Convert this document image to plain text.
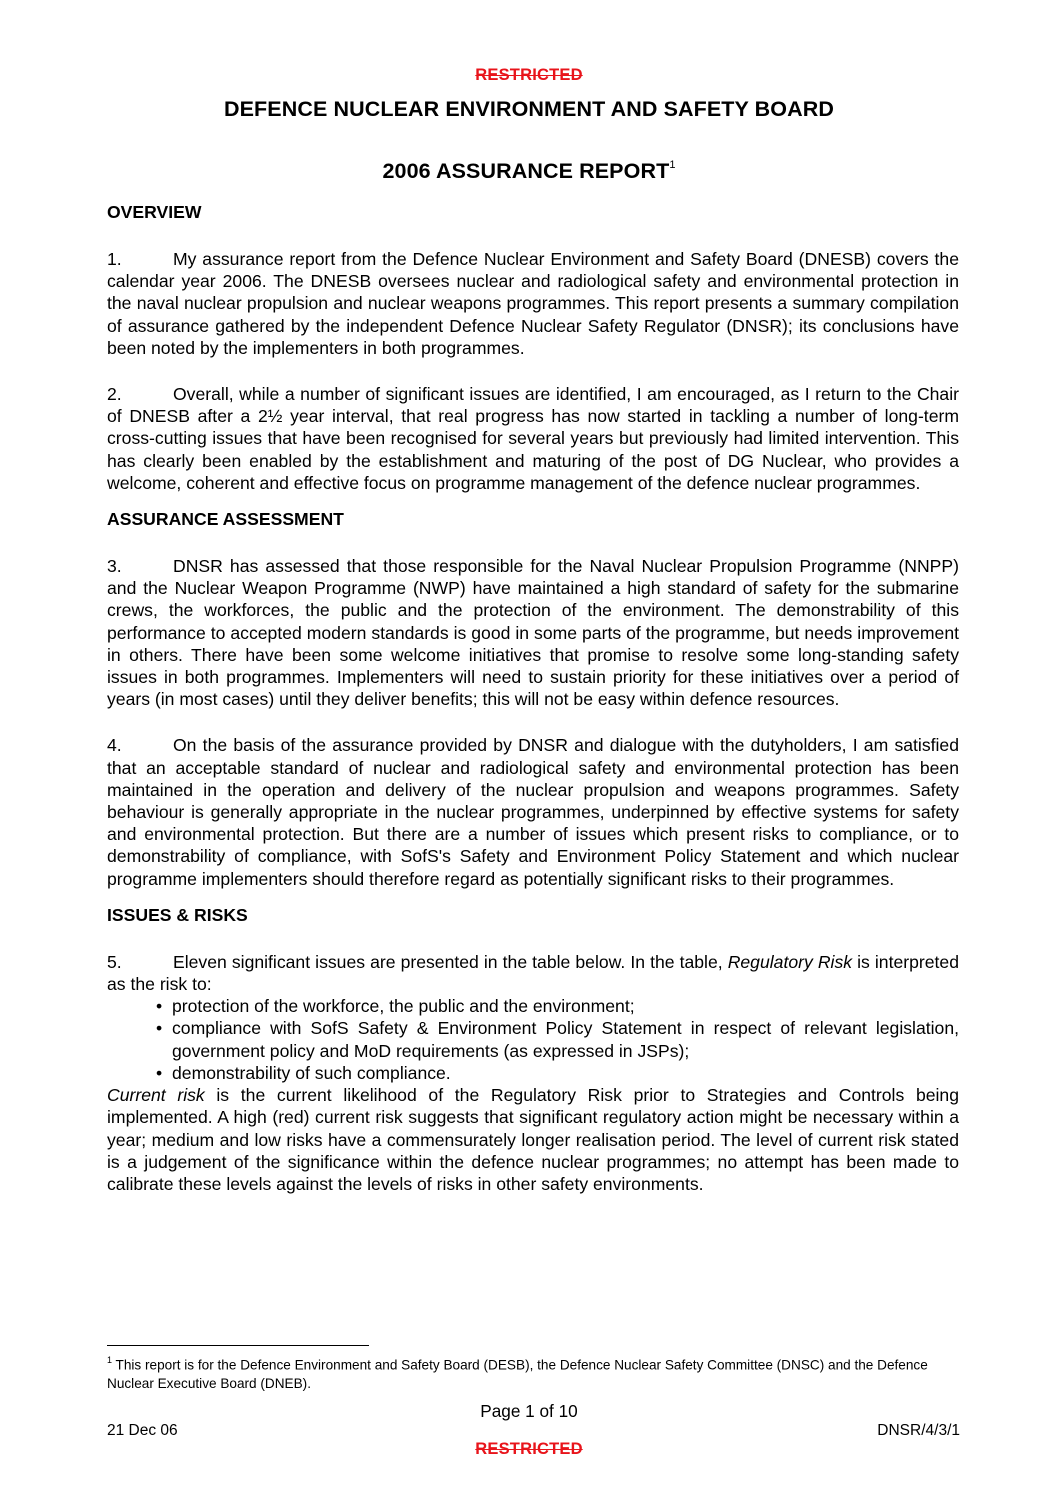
RESTRICTED
DEFENCE NUCLEAR ENVIRONMENT AND SAFETY BOARD
2006 ASSURANCE REPORT$^1$
OVERVIEW

1.	My assurance report from the Defence Nuclear Environment and Safety Board (DNESB) covers the calendar year 2006. The DNESB oversees nuclear and radiological safety and environmental protection in the naval nuclear propulsion and nuclear weapons programmes. This report presents a summary compilation of assurance gathered by the independent Defence Nuclear Safety Regulator (DNSR); its conclusions have been noted by the implementers in both programmes.

2.	Overall, while a number of significant issues are identified, I am encouraged, as I return to the Chair of DNESB after a 2½ year interval, that real progress has now started in tackling a number of long-term cross-cutting issues that have been recognised for several years but previously had limited intervention. This has clearly been enabled by the establishment and maturing of the post of DG Nuclear, who provides a welcome, coherent and effective focus on programme management of the defence nuclear programmes.

ASSURANCE ASSESSMENT

3.	DNSR has assessed that those responsible for the Naval Nuclear Propulsion Programme (NNPP) and the Nuclear Weapon Programme (NWP) have maintained a high standard of safety for the submarine crews, the workforces, the public and the protection of the environment. The demonstrability of this performance to accepted modern standards is good in some parts of the programme, but needs improvement in others. There have been some welcome initiatives that promise to resolve some long-standing safety issues in both programmes. Implementers will need to sustain priority for these initiatives over a period of years (in most cases) until they deliver benefits; this will not be easy within defence resources.

4.	On the basis of the assurance provided by DNSR and dialogue with the dutyholders, I am satisfied that an acceptable standard of nuclear and radiological safety and environmental protection has been maintained in the operation and delivery of the nuclear propulsion and weapons programmes. Safety behaviour is generally appropriate in the nuclear programmes, underpinned by effective systems for safety and environmental protection. But there are a number of issues which present risks to compliance, or to demonstrability of compliance, with SofS's Safety and Environment Policy Statement and which nuclear programme implementers should therefore regard as potentially significant risks to their programmes.

ISSUES & RISKS

5.	Eleven significant issues are presented in the table below. In the table, Regulatory Risk is interpreted as the risk to:

• protection of the workforce, the public and the environment;
• compliance with SofS Safety & Environment Policy Statement in respect of relevant legislation, government policy and MoD requirements (as expressed in JSPs);
• demonstrability of such compliance.

Current risk is the current likelihood of the Regulatory Risk prior to Strategies and Controls being implemented. A high (red) current risk suggests that significant regulatory action might be necessary within a year; medium and low risks have a commensurately longer realisation period. The level of current risk stated is a judgement of the significance within the defence nuclear programmes; no attempt has been made to calibrate these levels against the levels of risks in other safety environments.

$^1$ This report is for the Defence Environment and Safety Board (DESB), the Defence Nuclear Safety Committee (DNSC) and the Defence Nuclear Executive Board (DNEB).
Page 1 of 10
21 Dec 06	DNSR/4/3/1
RESTRICTED
